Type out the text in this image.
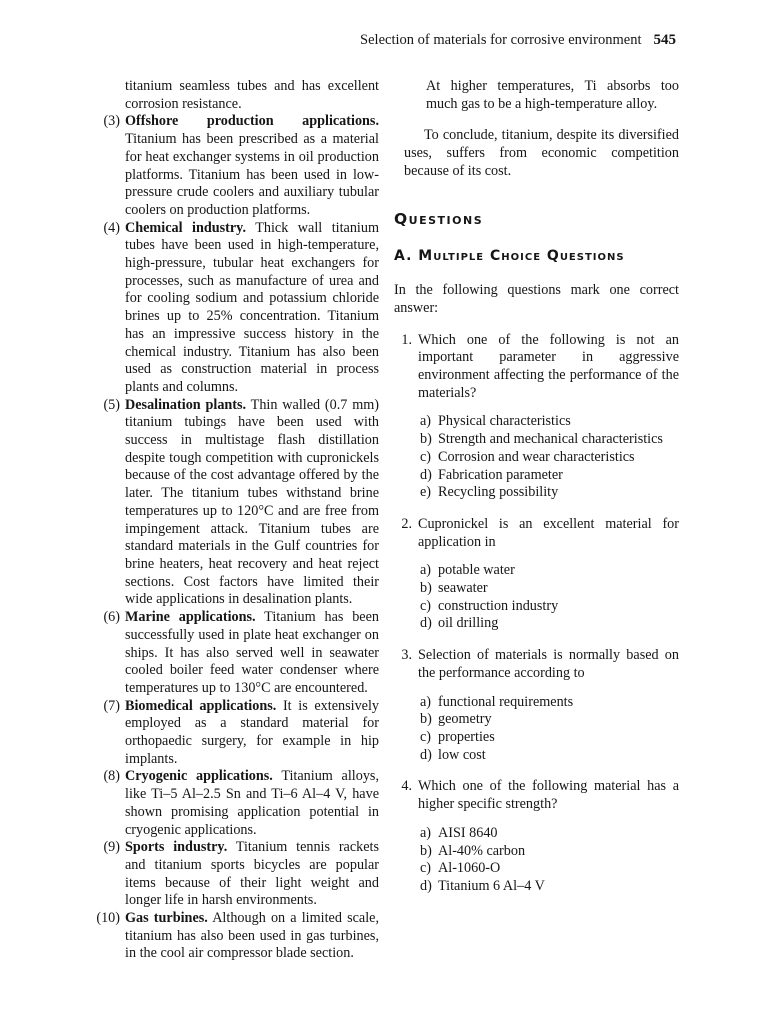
Selection of materials for corrosive environment 545
titanium seamless tubes and has excellent corrosion resistance.
(3) Offshore production applications. Titanium has been prescribed as a material for heat exchanger systems in oil production platforms. Titanium has been used in low-pressure crude coolers and auxiliary tubular coolers on production platforms.
(4) Chemical industry. Thick wall titanium tubes have been used in high-temperature, high-pressure, tubular heat exchangers for processes, such as manufacture of urea and for cooling sodium and potassium chloride brines up to 25% concentration. Titanium has an impressive success history in the chemical industry. Titanium has also been used as construction material in process plants and columns.
(5) Desalination plants. Thin walled (0.7 mm) titanium tubings have been used with success in multistage flash distillation despite tough competition with cupronickels because of the cost advantage offered by the later. The titanium tubes withstand brine temperatures up to 120°C and are free from impingement attack. Titanium tubes are standard materials in the Gulf countries for brine heaters, heat recovery and heat reject sections. Cost factors have limited their wide applications in desalination plants.
(6) Marine applications. Titanium has been successfully used in plate heat exchanger on ships. It has also served well in seawater cooled boiler feed water condenser where temperatures up to 130°C are encountered.
(7) Biomedical applications. It is extensively employed as a standard material for orthopaedic surgery, for example in hip implants.
(8) Cryogenic applications. Titanium alloys, like Ti–5 Al–2.5 Sn and Ti–6 Al–4 V, have shown promising application potential in cryogenic applications.
(9) Sports industry. Titanium tennis rackets and titanium sports bicycles are popular items because of their light weight and longer life in harsh environments.
(10) Gas turbines. Although on a limited scale, titanium has also been used in gas turbines, in the cool air compressor blade section.
At higher temperatures, Ti absorbs too much gas to be a high-temperature alloy.
To conclude, titanium, despite its diversified uses, suffers from economic competition because of its cost.
Questions
A. Multiple Choice Questions
In the following questions mark one correct answer:
1. Which one of the following is not an important parameter in aggressive environment affecting the performance of the materials?
a) Physical characteristics
b) Strength and mechanical characteristics
c) Corrosion and wear characteristics
d) Fabrication parameter
e) Recycling possibility
2. Cupronickel is an excellent material for application in
a) potable water
b) seawater
c) construction industry
d) oil drilling
3. Selection of materials is normally based on the performance according to
a) functional requirements
b) geometry
c) properties
d) low cost
4. Which one of the following material has a higher specific strength?
a) AISI 8640
b) Al-40% carbon
c) Al-1060-O
d) Titanium 6 Al–4 V
